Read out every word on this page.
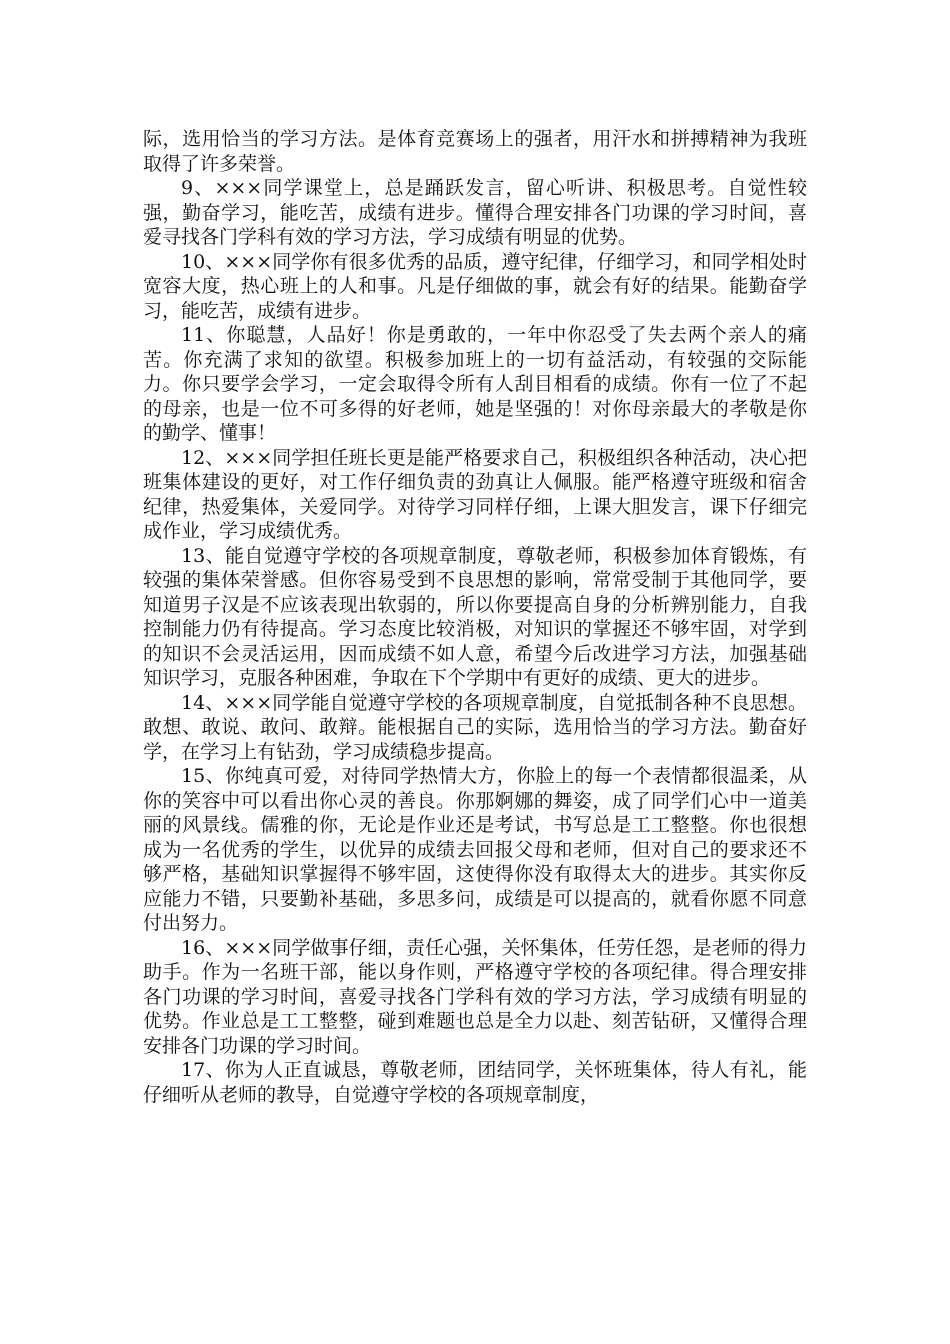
际，选用恰当的学习方法。是体育竞赛场上的强者，用汗水和拼搏精神为我班取得了许多荣誉。

9、×××同学课堂上，总是踊跃发言，留心听讲、积极思考。自觉性较强，勤奋学习，能吃苦，成绩有进步。懂得合理安排各门功课的学习时间，喜爱寻找各门学科有效的学习方法，学习成绩有明显的优势。

10、×××同学你有很多优秀的品质，遵守纪律，仔细学习，和同学相处时宽容大度，热心班上的人和事。凡是仔细做的事，就会有好的结果。能勤奋学习，能吃苦，成绩有进步。

11、你聪慧，人品好！你是勇敢的，一年中你忍受了失去两个亲人的痛苦。你充满了求知的欲望。积极参加班上的一切有益活动，有较强的交际能力。你只要学会学习，一定会取得令所有人刮目相看的成绩。你有一位了不起的母亲，也是一位不可多得的好老师，她是坚强的！对你母亲最大的孝敬是你的勤学、懂事！

12、×××同学担任班长更是能严格要求自己，积极组织各种活动，决心把班集体建设的更好，对工作仔细负责的劲真让人佩服。能严格遵守班级和宿舍纪律，热爱集体，关爱同学。对待学习同样仔细，上课大胆发言，课下仔细完成作业，学习成绩优秀。

13、能自觉遵守学校的各项规章制度，尊敬老师，积极参加体育锻炼，有较强的集体荣誉感。但你容易受到不良思想的影响，常常受制于其他同学，要知道男子汉是不应该表现出软弱的，所以你要提高自身的分析辨别能力，自我控制能力仍有待提高。学习态度比较消极，对知识的掌握还不够牢固，对学到的知识不会灵活运用，因而成绩不如人意，希望今后改进学习方法，加强基础知识学习，克服各种困难，争取在下个学期中有更好的成绩、更大的进步。

14、×××同学能自觉遵守学校的各项规章制度，自觉抵制各种不良思想。敢想、敢说、敢问、敢辩。能根据自己的实际，选用恰当的学习方法。勤奋好学，在学习上有钻劲，学习成绩稳步提高。

15、你纯真可爱，对待同学热情大方，你脸上的每一个表情都很温柔，从你的笑容中可以看出你心灵的善良。你那婀娜的舞姿，成了同学们心中一道美丽的风景线。儒雅的你，无论是作业还是考试，书写总是工工整整。你也很想成为一名优秀的学生，以优异的成绩去回报父母和老师，但对自己的要求还不够严格，基础知识掌握得不够牢固，这使得你没有取得太大的进步。其实你反应能力不错，只要勤补基础，多思多问，成绩是可以提高的，就看你愿不同意付出努力。

16、×××同学做事仔细，责任心强，关怀集体，任劳任怨，是老师的得力助手。作为一名班干部，能以身作则，严格遵守学校的各项纪律。得合理安排各门功课的学习时间，喜爱寻找各门学科有效的学习方法，学习成绩有明显的优势。作业总是工工整整，碰到难题也总是全力以赴、刻苦钻研，又懂得合理安排各门功课的学习时间。

17、你为人正直诚恳，尊敬老师，团结同学，关怀班集体，待人有礼，能仔细听从老师的教导，自觉遵守学校的各项规章制度，
